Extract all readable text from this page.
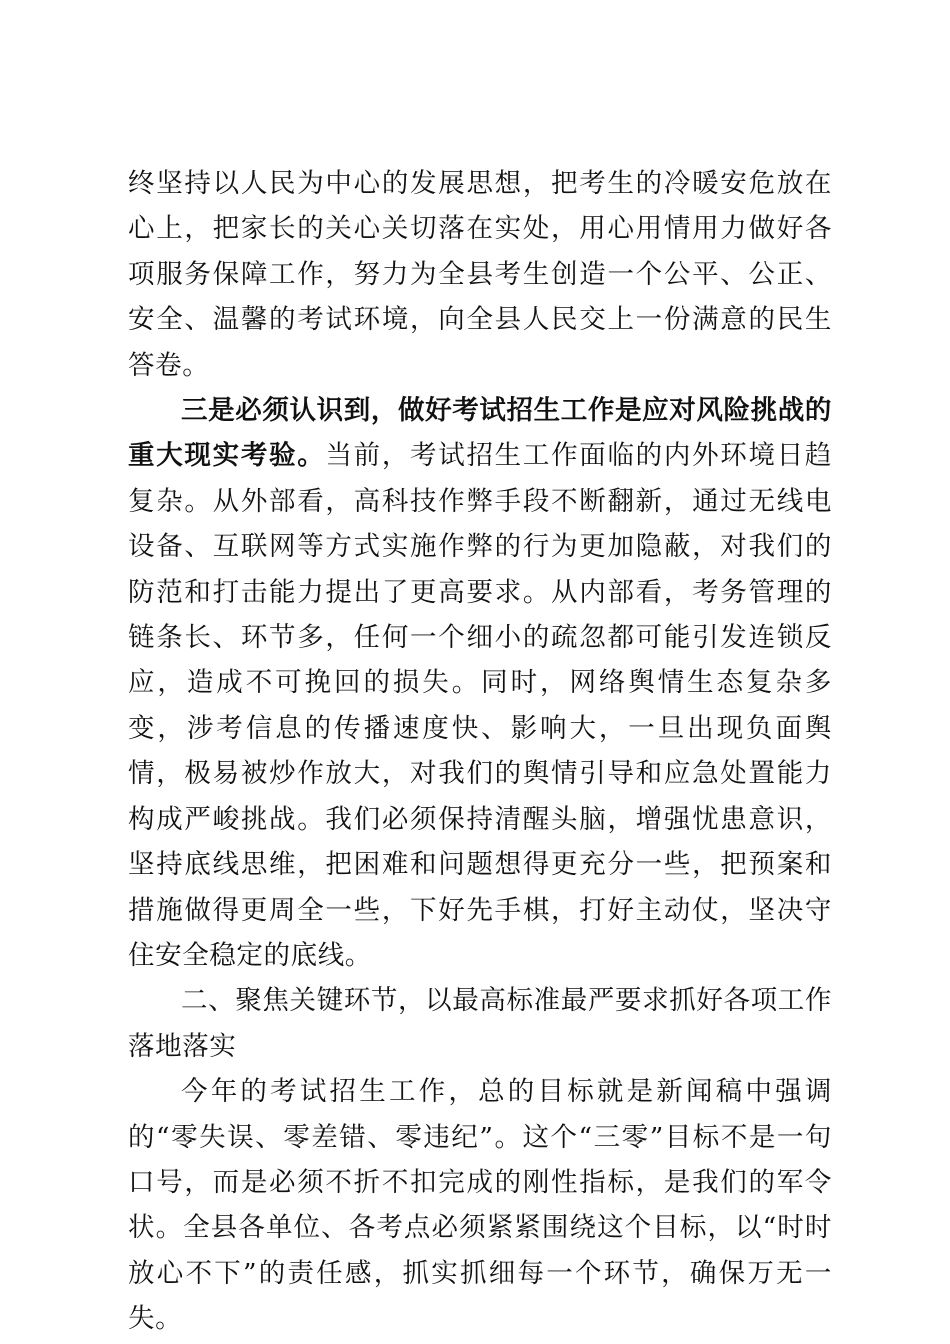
终坚持以人民为中心的发展思想，把考生的冷暖安危放在心上，把家长的关心关切落在实处，用心用情用力做好各项服务保障工作，努力为全县考生创造一个公平、公正、安全、温馨的考试环境，向全县人民交上一份满意的民生答卷。

三是必须认识到，做好考试招生工作是应对风险挑战的重大现实考验。当前，考试招生工作面临的内外环境日趋复杂。从外部看，高科技作弊手段不断翻新，通过无线电设备、互联网等方式实施作弊的行为更加隐蔽，对我们的防范和打击能力提出了更高要求。从内部看，考务管理的链条长、环节多，任何一个细小的疏忽都可能引发连锁反应，造成不可挽回的损失。同时，网络舆情生态复杂多变，涉考信息的传播速度快、影响大，一旦出现负面舆情，极易被炒作放大，对我们的舆情引导和应急处置能力构成严峻挑战。我们必须保持清醒头脑，增强忧患意识，坚持底线思维，把困难和问题想得更充分一些，把预案和措施做得更周全一些，下好先手棋，打好主动仗，坚决守住安全稳定的底线。

二、聚焦关键环节，以最高标准最严要求抓好各项工作落地落实

今年的考试招生工作，总的目标就是新闻稿中强调的“零失误、零差错、零违纪”。这个“三零”目标不是一句口号，而是必须不折不扣完成的刚性指标，是我们的军令状。全县各单位、各考点必须紧紧围绕这个目标，以“时时放心不下”的责任感，抓实抓细每一个环节，确保万无一失。
